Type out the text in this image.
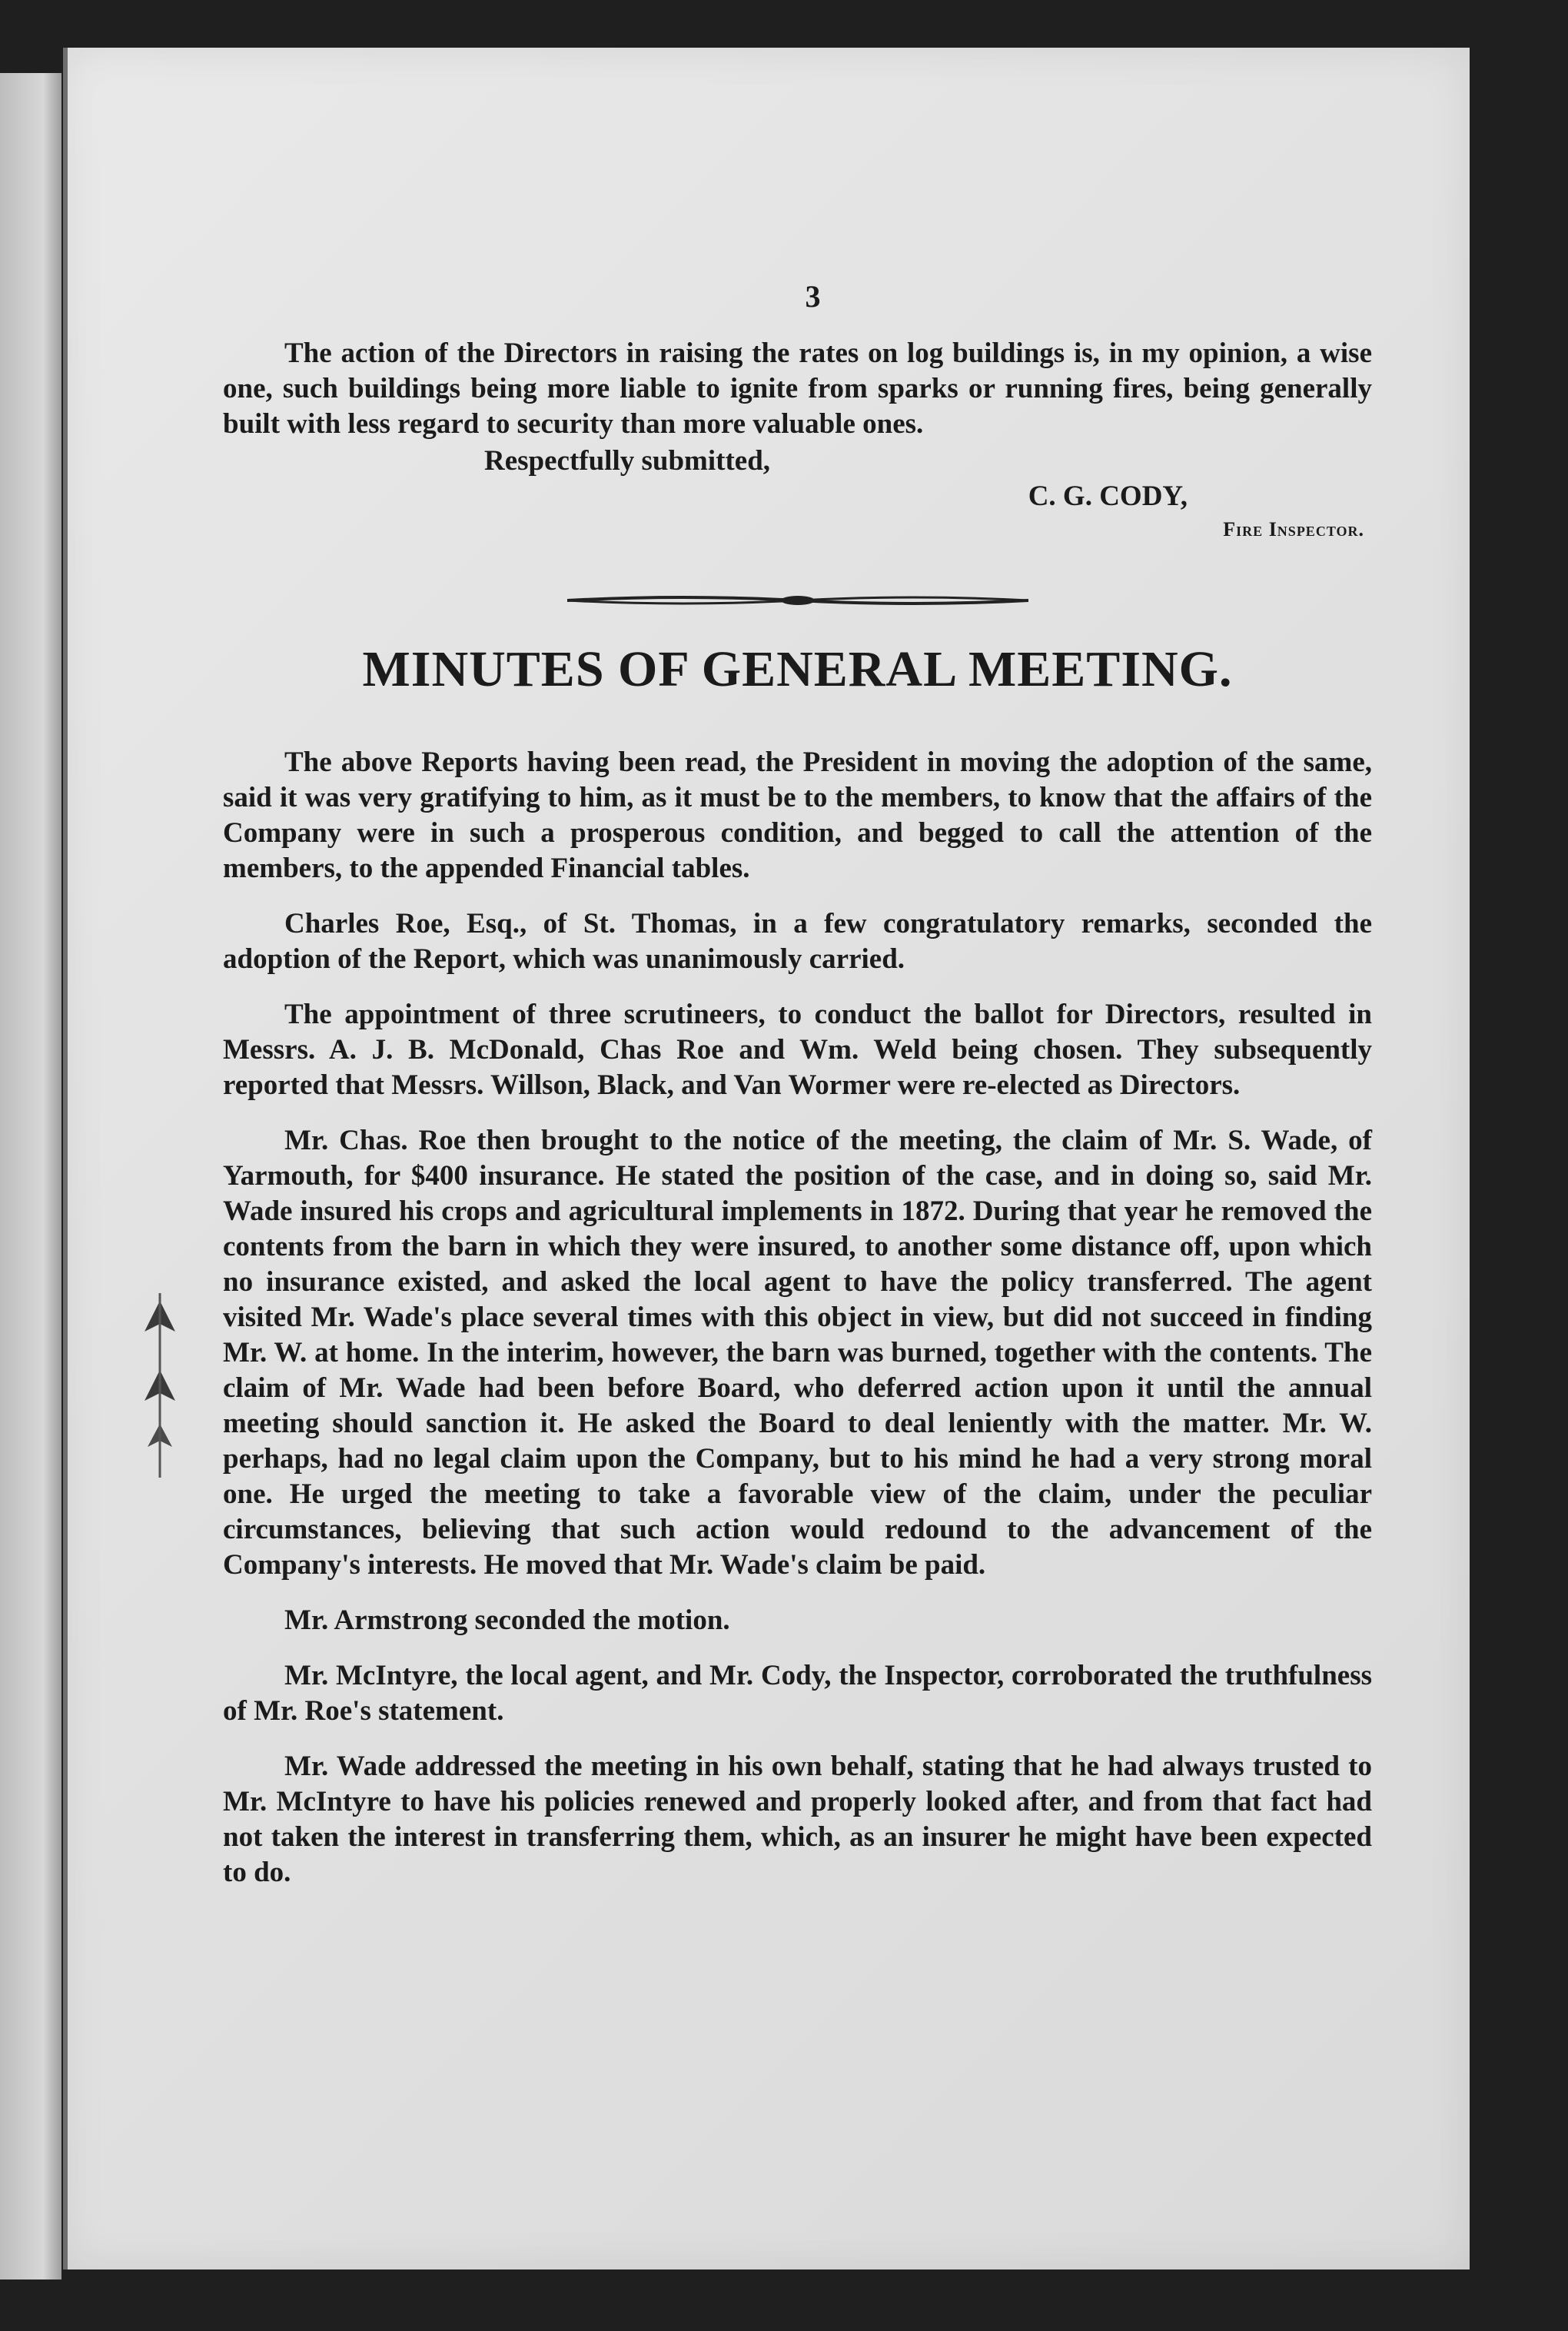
3

The action of the Directors in raising the rates on log buildings is, in my opinion, a wise one, such buildings being more liable to ignite from sparks or running fires, being generally built with less regard to security than more valuable ones.

Respectfully submitted,
C. G. CODY,
Fire Inspector.
MINUTES OF GENERAL MEETING.

The above Reports having been read, the President in moving the adoption of the same, said it was very gratifying to him, as it must be to the members, to know that the affairs of the Company were in such a prosperous condition, and begged to call the attention of the members, to the appended Financial tables.

Charles Roe, Esq., of St. Thomas, in a few congratulatory remarks, seconded the adoption of the Report, which was unanimously carried.

The appointment of three scrutineers, to conduct the ballot for Directors, resulted in Messrs. A. J. B. McDonald, Chas Roe and Wm. Weld being chosen. They subsequently reported that Messrs. Willson, Black, and Van Wormer were re-elected as Directors.

Mr. Chas. Roe then brought to the notice of the meeting, the claim of Mr. S. Wade, of Yarmouth, for $400 insurance. He stated the position of the case, and in doing so, said Mr. Wade insured his crops and agricultural implements in 1872. During that year he removed the contents from the barn in which they were insured, to another some distance off, upon which no insurance existed, and asked the local agent to have the policy transferred. The agent visited Mr. Wade's place several times with this object in view, but did not succeed in finding Mr. W. at home. In the interim, however, the barn was burned, together with the contents. The claim of Mr. Wade had been before Board, who deferred action upon it until the annual meeting should sanction it. He asked the Board to deal leniently with the matter. Mr. W. perhaps, had no legal claim upon the Company, but to his mind he had a very strong moral one. He urged the meeting to take a favorable view of the claim, under the peculiar circumstances, believing that such action would redound to the advancement of the Company's interests. He moved that Mr. Wade's claim be paid.

Mr. Armstrong seconded the motion.

Mr. McIntyre, the local agent, and Mr. Cody, the Inspector, corroborated the truthfulness of Mr. Roe's statement.

Mr. Wade addressed the meeting in his own behalf, stating that he had always trusted to Mr. McIntyre to have his policies renewed and properly looked after, and from that fact had not taken the interest in transferring them, which, as an insurer he might have been expected to do.
